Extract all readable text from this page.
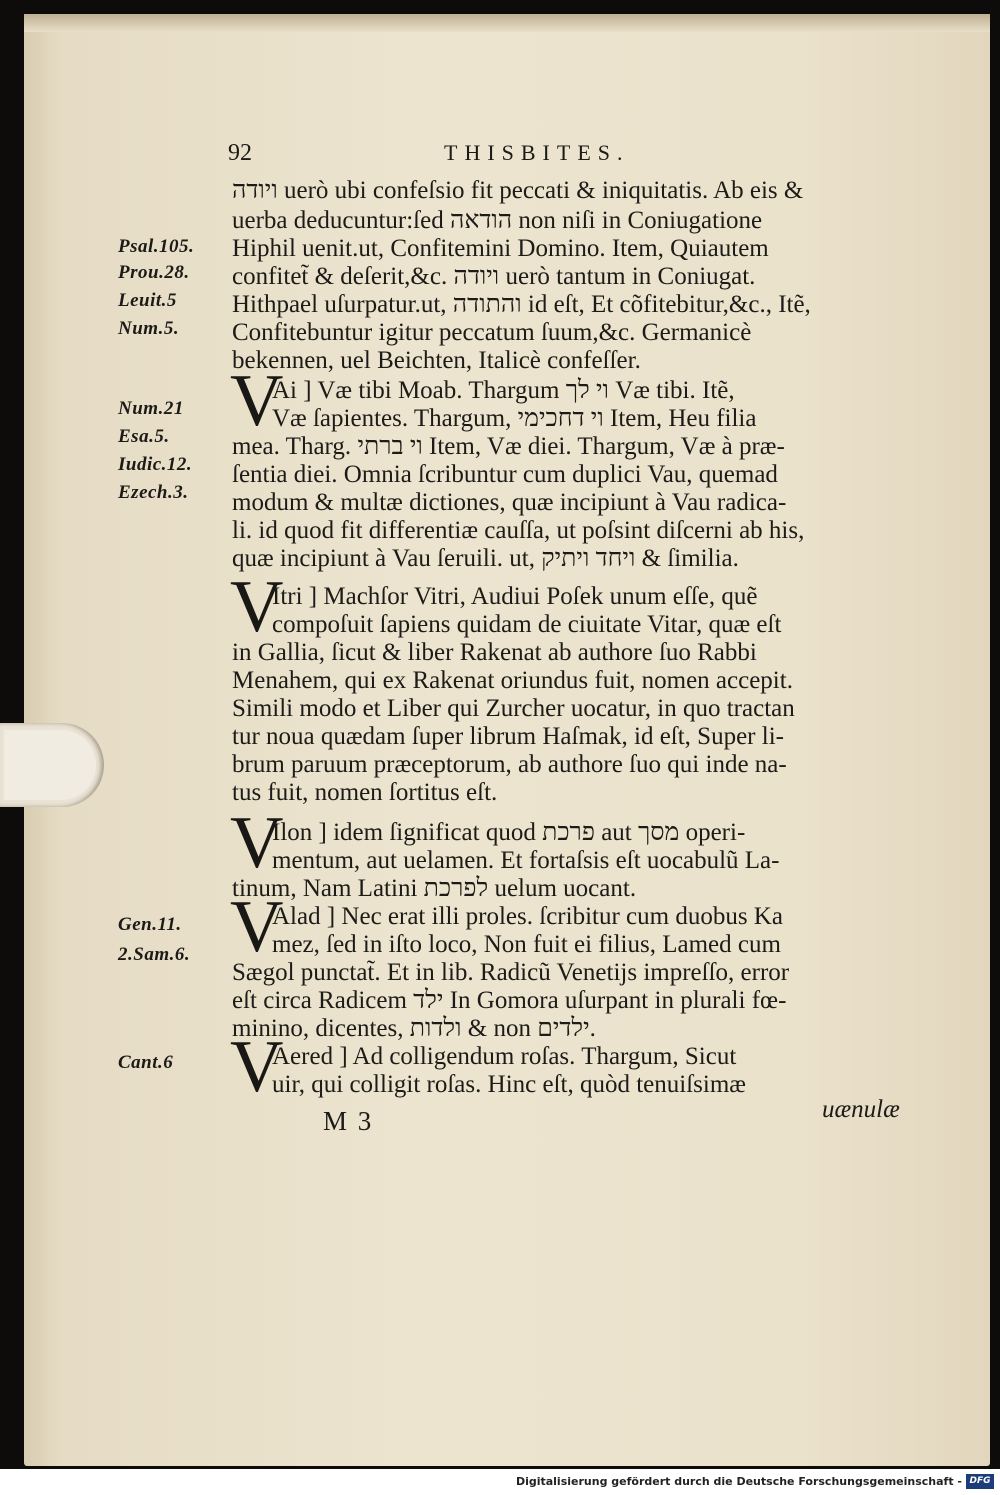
92	THISBITES.
Psal.105.
Prou.28.
Leuit.5
Num.5.
Num.21
Esa.5.
Iudic.12.
Ezech.3.
Gen.11.
2.Sam.6.
Cant.6
V
V
V
V
V
ויודה uerò ubi confeſsio fit peccati & iniquitatis. Ab eis &
uerba deducuntur:ſed הודאה non niſi in Coniugatione
Hiphil uenit.ut, Confitemini Domino. Item, Quiautem
confitet̃ & deſerit,&c. ויודה uerò tantum in Coniugat.
Hithpael uſurpatur.ut, והתודה id eſt, Et cõfitebitur,&c., Itẽ,
Confitebuntur igitur peccatum ſuum,&c. Germanicè
bekennen, uel Beichten, Italicè confeſſer.
Ai ] Væ tibi Moab. Thargum וי לך Væ tibi. Itẽ,
Væ ſapientes. Thargum, וי דחכימי Item, Heu filia
mea. Tharg. וי ברתי Item, Væ diei. Thargum, Væ à præ-
ſentia diei. Omnia ſcribuntur cum duplici Vau, quemad
modum & multæ dictiones, quæ incipiunt à Vau radica-
li. id quod fit differentiæ cauſſa, ut poſsint diſcerni ab his,
quæ incipiunt à Vau ſeruili. ut, ויחד ויתיק & ſimilia.
Itri ] Machſor Vitri, Audiui Poſek unum eſſe, quẽ
compoſuit ſapiens quidam de ciuitate Vitar, quæ eſt
in Gallia, ſicut & liber Rakenat ab authore ſuo Rabbi
Menahem, qui ex Rakenat oriundus fuit, nomen accepit.
Simili modo et Liber qui Zurcher uocatur, in quo tractan
tur noua quædam ſuper librum Haſmak, id eſt, Super li-
brum paruum præceptorum, ab authore ſuo qui inde na-
tus fuit, nomen ſortitus eſt.
Ilon ] idem ſignificat quod פרכת aut מסך operi-
mentum, aut uelamen. Et fortaſsis eſt uocabulũ La-
tinum, Nam Latini לפרכת uelum uocant.
Alad ] Nec erat illi proles. ſcribitur cum duobus Ka
mez, ſed in iſto loco, Non fuit ei filius, Lamed cum
Sægol punctat̃. Et in lib. Radicũ Venetijs impreſſo, error
eſt circa Radicem ילד In Gomora uſurpant in plurali fœ-
minino, dicentes, ולדות & non ילדים.
Aered ] Ad colligendum roſas. Thargum, Sicut
uir, qui colligit roſas. Hinc eſt, quòd tenuiſsimæ
M 3	uænulæ
Digitalisierung gefördert durch die Deutsche Forschungsgemeinschaft - DFG
